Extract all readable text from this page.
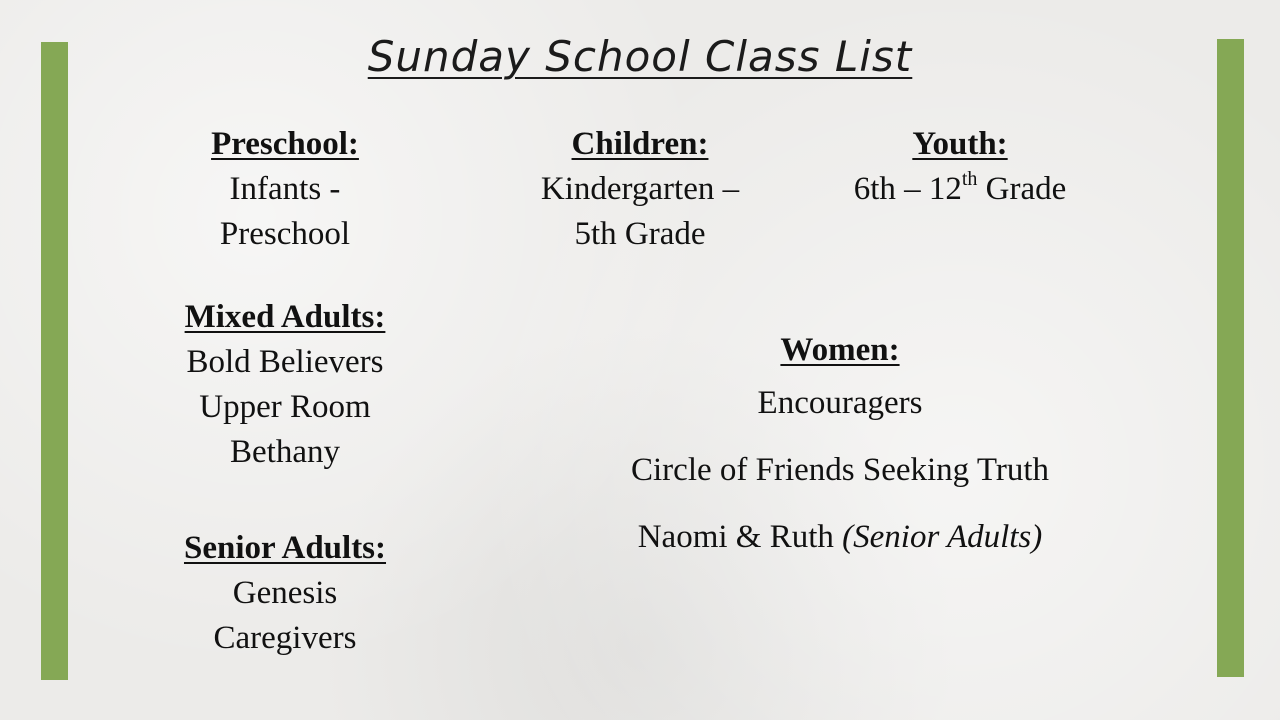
Sunday School Class List
Preschool:
Infants -
Preschool
Children:
Kindergarten –
5th Grade
Youth:
6th – 12th Grade
Mixed Adults:
Bold Believers
Upper Room
Bethany
Senior Adults:
Genesis
Caregivers
Women:
Encouragers
Circle of Friends Seeking Truth
Naomi & Ruth (Senior Adults)
